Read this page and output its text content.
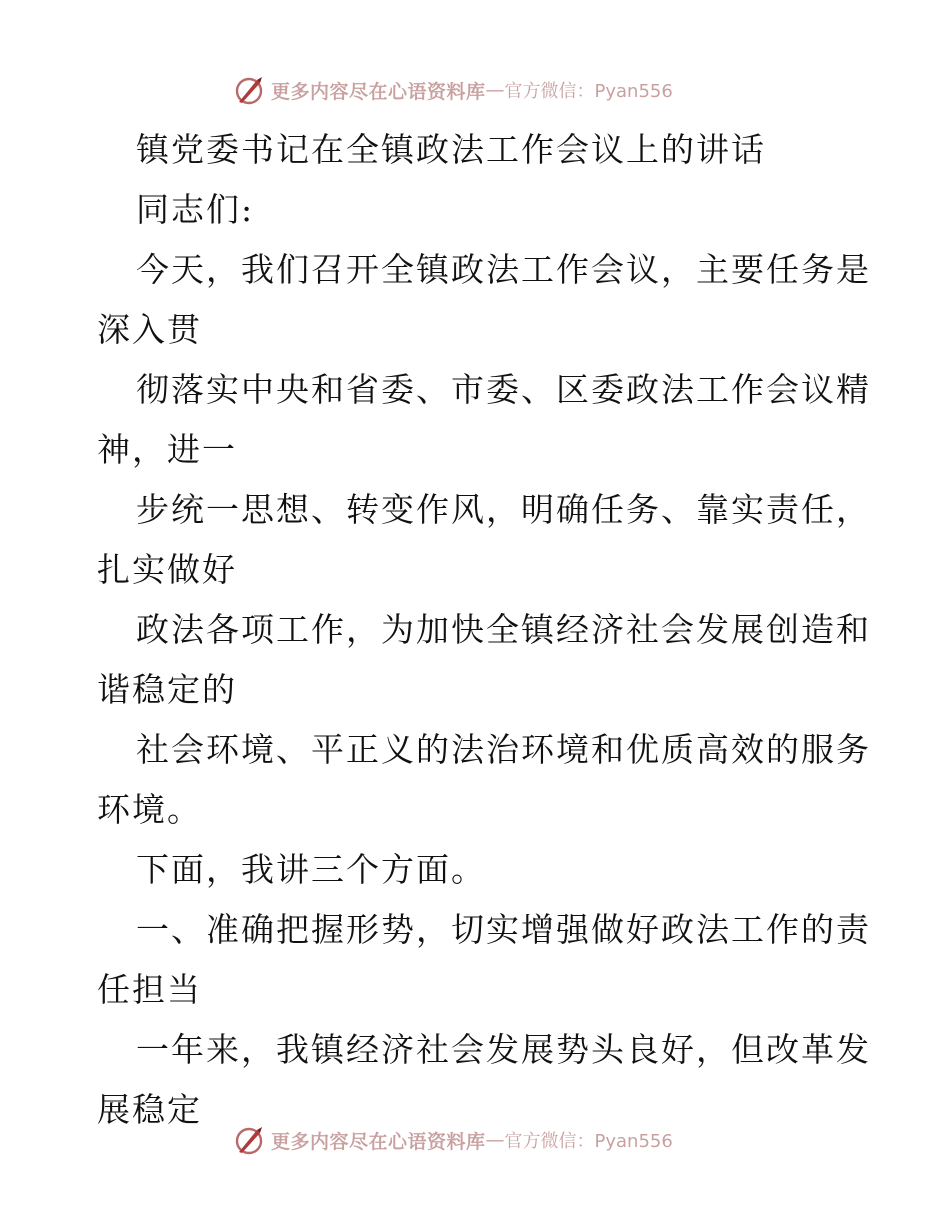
更多内容尽在心语资料库 — 官方微信：Pyan556
镇党委书记在全镇政法工作会议上的讲话
同志们:
今天，我们召开全镇政法工作会议，主要任务是
深入贯
彻落实中央和省委、市委、区委政法工作会议精
神，进一
步统一思想、转变作风，明确任务、靠实责任，
扎实做好
政法各项工作，为加快全镇经济社会发展创造和
谐稳定的
社会环境、平正义的法治环境和优质高效的服务
环境。
下面，我讲三个方面。
一、准确把握形势，切实增强做好政法工作的责
任担当
一年来，我镇经济社会发展势头良好，但改革发
展稳定
更多内容尽在心语资料库 — 官方微信：Pyan556
